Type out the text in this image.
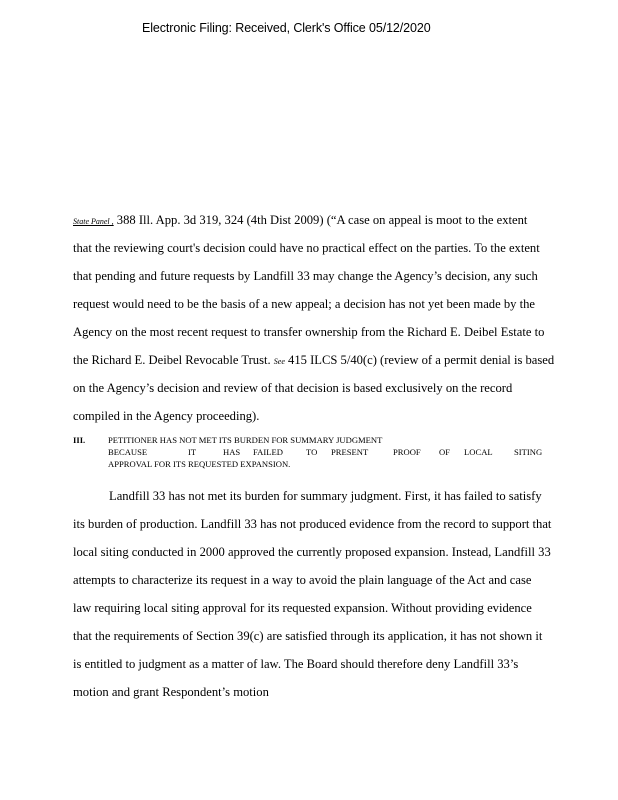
Electronic Filing: Received, Clerk's Office 05/12/2020
State Panel , 388 Ill. App. 3d 319, 324 (4th Dist 2009) (“A case on appeal is moot to the extent
that the reviewing court's decision could have no practical effect on the parties. To the extent
that pending and future requests by Landfill 33 may change the Agency’s decision, any such
request would need to be the basis of a new appeal; a decision has not yet been made by the
Agency on the most recent request to transfer ownership from the Richard E. Deibel Estate to
the Richard E. Deibel Revocable Trust. See 415 ILCS 5/40(c) (review of a permit denial is based
on the Agency’s decision and review of that decision is based exclusively on the record
compiled in the Agency proceeding).
III.	PETITIONER HAS NOT MET ITS BURDEN FOR SUMMARY JUDGMENT
BECAUSE	IT	HAS FAILED	TO PRESENT	PROOF OF LOCAL SITING
APPROVAL FOR ITS REQUESTED EXPANSION.
Landfill 33 has not met its burden for summary judgment. First, it has failed to satisfy
its burden of production. Landfill 33 has not produced evidence from the record to support that
local siting conducted in 2000 approved the currently proposed expansion. Instead, Landfill 33
attempts to characterize its request in a way to avoid the plain language of the Act and case
law requiring local siting approval for its requested expansion. Without providing evidence
that the requirements of Section 39(c) are satisfied through its application, it has not shown it
is entitled to judgment as a matter of law. The Board should therefore deny Landfill 33’s
motion and grant Respondent’s motion
